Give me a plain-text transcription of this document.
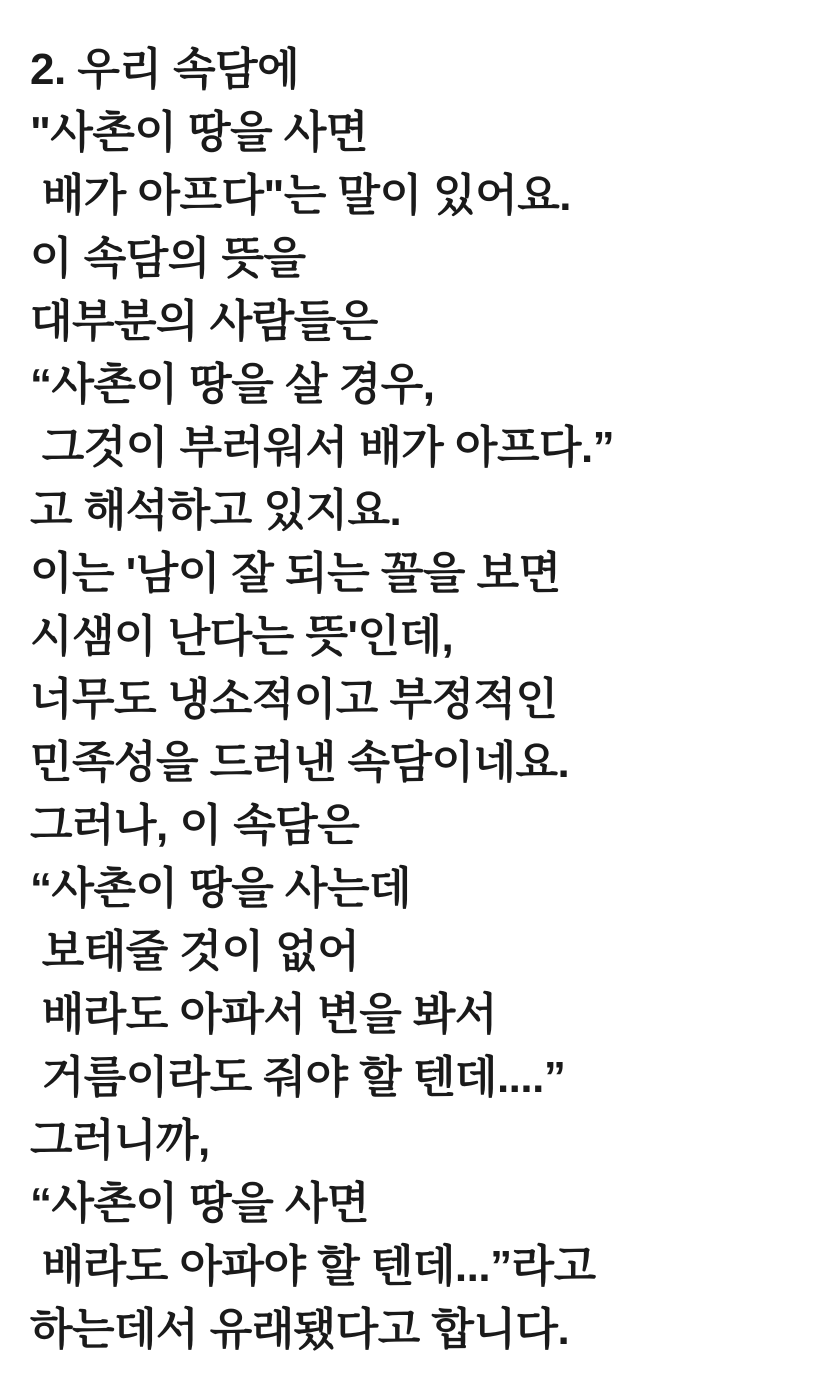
2. 우리 속담에
"사촌이 땅을 사면
배가 아프다"는 말이 있어요.
이 속담의 뜻을
대부분의 사람들은
“사촌이 땅을 살 경우,
그것이 부러워서 배가 아프다.”
고 해석하고 있지요.
이는 '남이 잘 되는 꼴을 보면
시샘이 난다는 뜻'인데,
너무도 냉소적이고 부정적인
민족성을 드러낸 속담이네요.
그러나, 이 속담은
“사촌이 땅을 사는데
보태줄 것이 없어
배라도 아파서 변을 봐서
거름이라도 줘야 할 텐데....”
그러니까,
“사촌이 땅을 사면
배라도 아파야 할 텐데...”라고
하는데서 유래됐다고 합니다.
